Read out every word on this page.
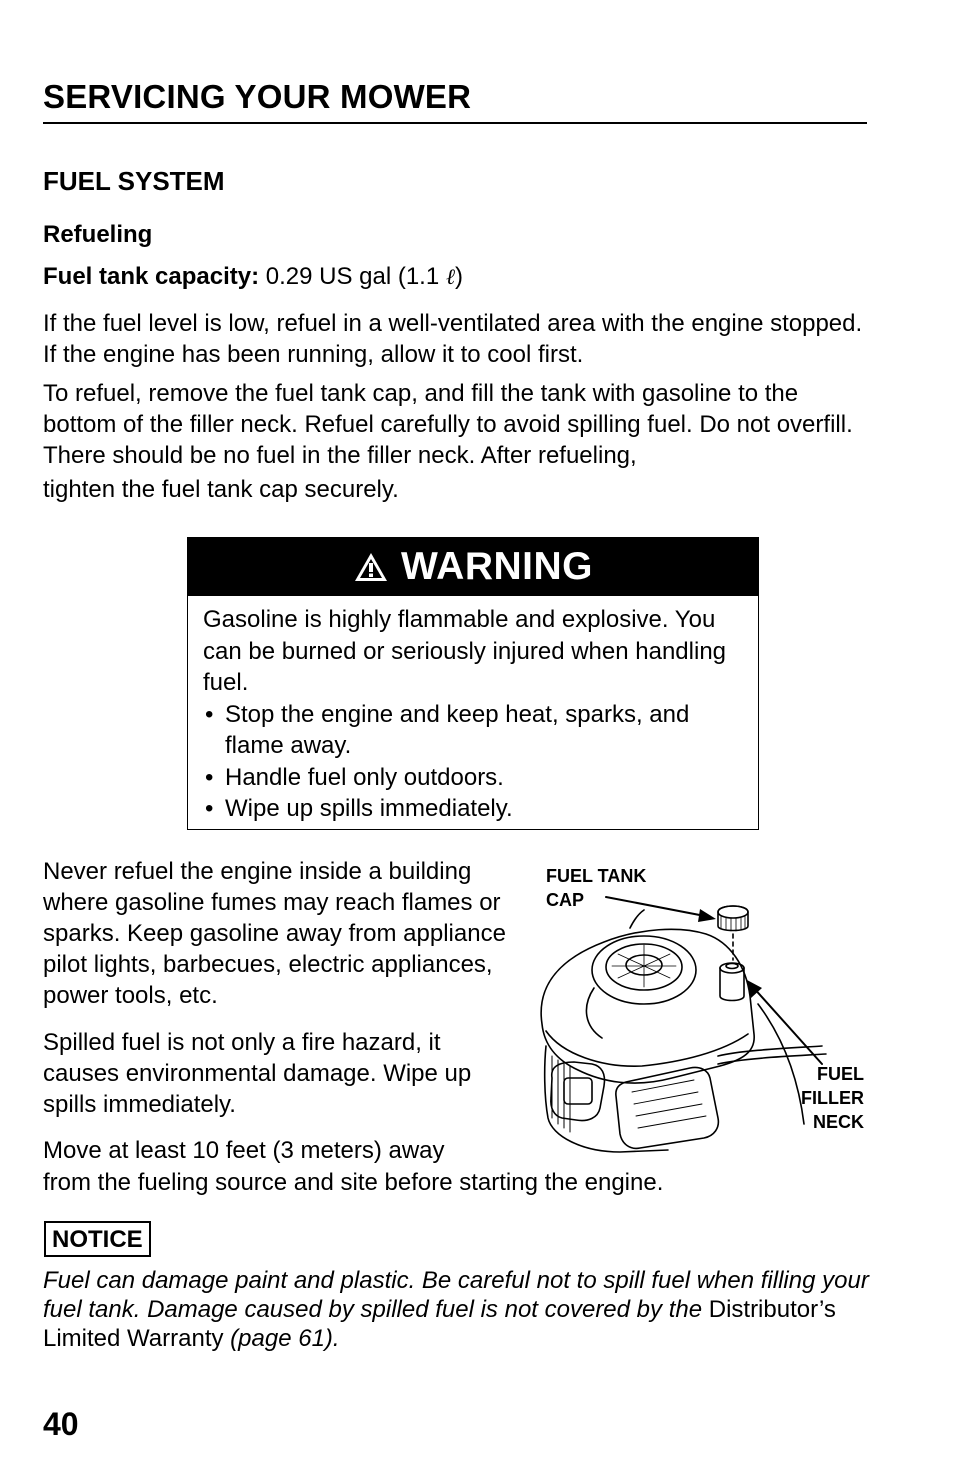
SERVICING YOUR MOWER
FUEL SYSTEM
Refueling
Fuel tank capacity: 0.29 US gal (1.1 ℓ)

If the fuel level is low, refuel in a well-ventilated area with the engine stopped. If the engine has been running, allow it to cool first.

To refuel, remove the fuel tank cap, and fill the tank with gasoline to the bottom of the filler neck. Refuel carefully to avoid spilling fuel. Do not overfill. There should be no fuel in the filler neck. After refueling,
tighten the fuel tank cap securely.

WARNING
Gasoline is highly flammable and explosive. You can be burned or seriously injured when handling fuel.
• Stop the engine and keep heat, sparks, and flame away.
• Handle fuel only outdoors.
• Wipe up spills immediately.

Never refuel the engine inside a building where gasoline fumes may reach flames or sparks. Keep gasoline away from appliance pilot lights, barbecues, electric appliances, power tools, etc.

Spilled fuel is not only a fire hazard, it causes environmental damage. Wipe up spills immediately.

Move at least 10 feet (3 meters) away

from the fueling source and site before starting the engine.

FUEL TANK
CAP
FUEL
FILLER
NECK
NOTICE

Fuel can damage paint and plastic. Be careful not to spill fuel when filling your fuel tank. Damage caused by spilled fuel is not covered by the Distributor’s Limited Warranty (page 61).

40
